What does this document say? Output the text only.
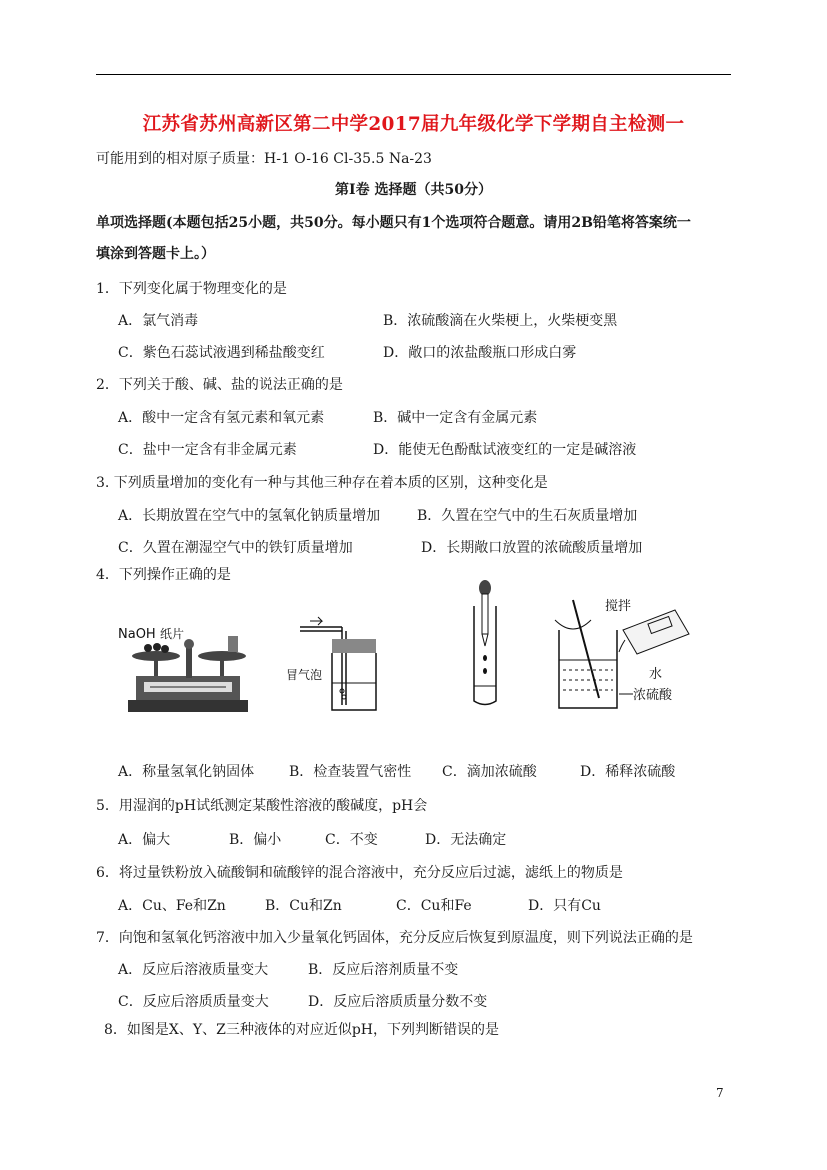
江苏省苏州高新区第二中学2017届九年级化学下学期自主检测一
可能用到的相对原子质量：H-1 O-16 Cl-35.5 Na-23
第Ⅰ卷 选择题（共50分）
单项选择题(本题包括25小题，共50分。每小题只有1个选项符合题意。请用2B铅笔将答案统一
填涂到答题卡上。）
1．下列变化属于物理变化的是
A．氯气消毒	B．浓硫酸滴在火柴梗上，火柴梗变黑
C．紫色石蕊试液遇到稀盐酸变红	D．敞口的浓盐酸瓶口形成白雾
2．下列关于酸、碱、盐的说法正确的是
A．酸中一定含有氢元素和氧元素	B．碱中一定含有金属元素
C．盐中一定含有非金属元素	D．能使无色酚酞试液变红的一定是碱溶液
3. 下列质量增加的变化有一种与其他三种存在着本质的区别，这种变化是
A．长期放置在空气中的氢氧化钠质量增加	B．久置在空气中的生石灰质量增加
C．久置在潮湿空气中的铁钉质量增加	D．长期敞口放置的浓硫酸质量增加
4．下列操作正确的是
NaOH 纸片
冒气泡
搅拌
水
浓硫酸
A．称量氢氧化钠固体 B．检查装置气密性 C．滴加浓硫酸	D．稀释浓硫酸
5．用湿润的pH试纸测定某酸性溶液的酸碱度，pH会
A．偏大	B．偏小	C．不变	D．无法确定
6．将过量铁粉放入硫酸铜和硫酸锌的混合溶液中，充分反应后过滤，滤纸上的物质是
A．Cu、Fe和Zn	B．Cu和Zn	C．Cu和Fe	D．只有Cu
7．向饱和氢氧化钙溶液中加入少量氧化钙固体，充分反应后恢复到原温度，则下列说法正确的是
A．反应后溶液质量变大	B．反应后溶剂质量不变
C．反应后溶质质量变大	D．反应后溶质质量分数不变
8．如图是X、Y、Z三种液体的对应近似pH，下列判断错误的是
7
